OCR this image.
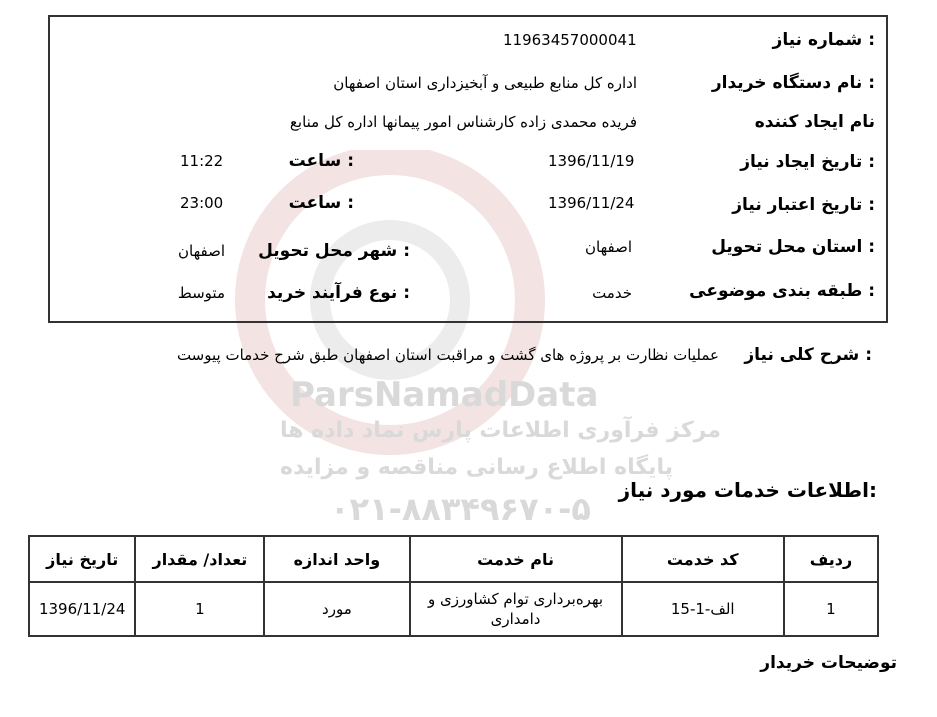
ParsNamadData
مرکز فرآوری اطلاعات پارس نماد داده ها
پایگاه اطلاع رسانی مناقصه و مزایده
۰۲۱-۸۸۳۴۹۶۷۰-۵
شماره نیاز :
11963457000041
نام دستگاه خریدار :
اداره کل منابع طبیعی و آبخیزداری استان اصفهان
نام ایجاد کننده
فریده محمدی زاده کارشناس امور پیمانها اداره کل منابع
تاریخ ایجاد نیاز :
1396/11/19
ساعت :
11:22
تاریخ اعتبار نیاز :
1396/11/24
ساعت :
23:00
استان محل تحویل :
اصفهان
شهر محل تحویل :
اصفهان
طبقه بندی موضوعی :
خدمت
نوع فرآیند خرید :
متوسط
شرح کلی نیاز :
عملیات نظارت بر پروژه های گشت و مراقبت استان اصفهان طبق شرح خدمات پیوست
اطلاعات خدمات مورد نیاز:
ردیف	کد خدمت	نام خدمت	واحد اندازه	تعداد/ مقدار	تاریخ نیاز
1	الف-1-15	بهره‌برداری توام کشاورزی و دامداری	مورد	1	1396/11/24
توضیحات خریدار
